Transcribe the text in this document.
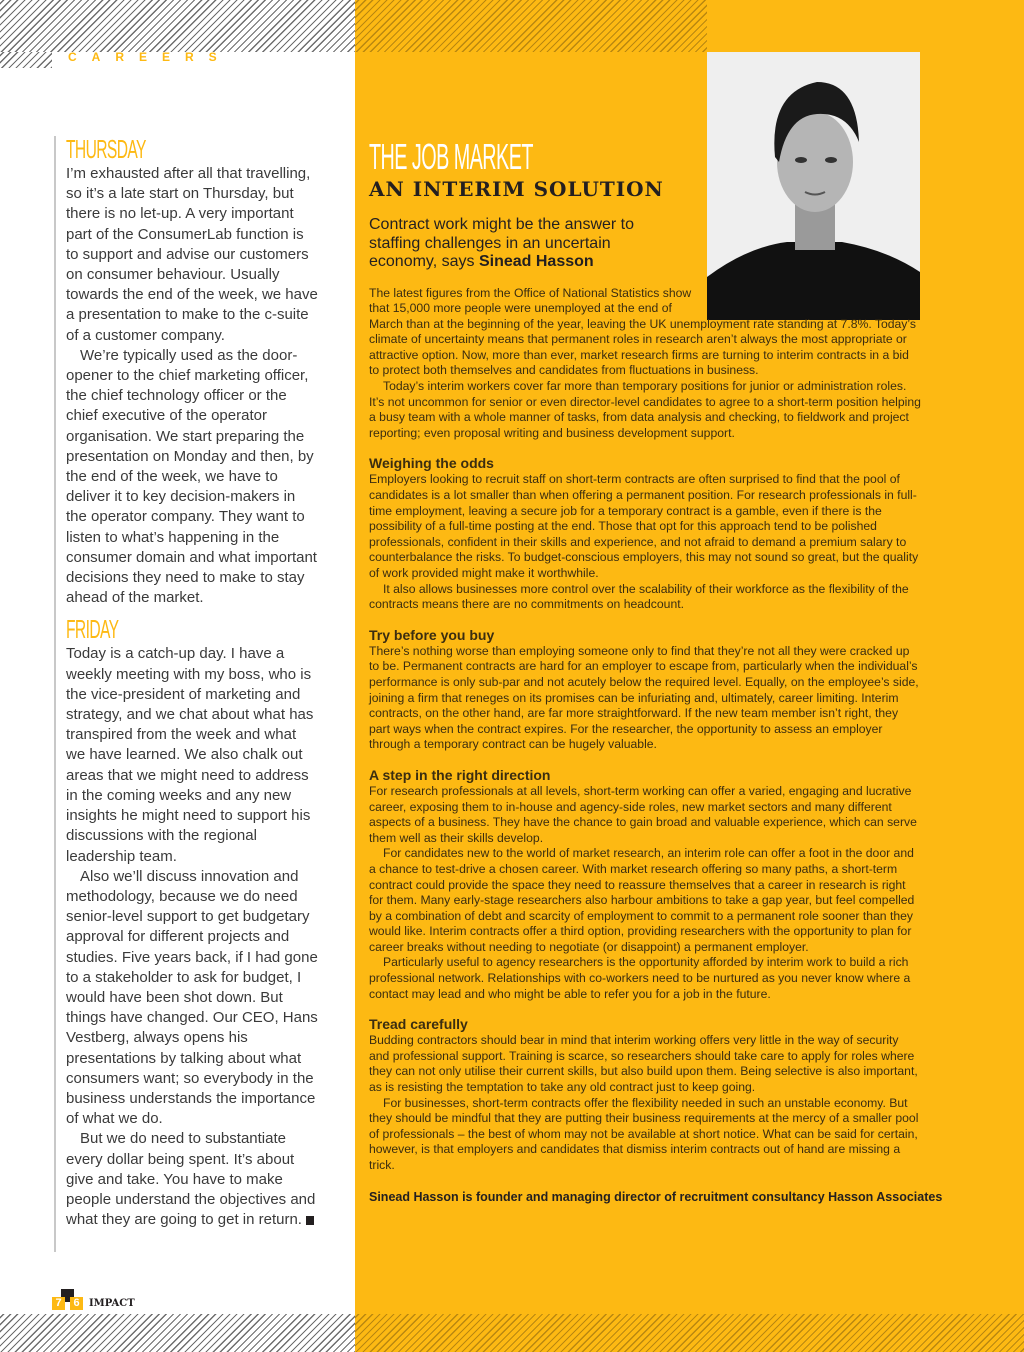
CAREERS
THURSDAY

I’m exhausted after all that travelling, so it’s a late start on Thursday, but there is no let-up. A very important part of the ConsumerLab function is to support and advise our customers on consumer behaviour. Usually towards the end of the week, we have a presentation to make to the c-suite of a customer company.

We’re typically used as the door-opener to the chief marketing officer, the chief technology officer or the chief executive of the operator organisation. We start preparing the presentation on Monday and then, by the end of the week, we have to deliver it to key decision-makers in the operator company. They want to listen to what’s happening in the consumer domain and what important decisions they need to make to stay ahead of the market.

FRIDAY

Today is a catch-up day. I have a weekly meeting with my boss, who is the vice-president of marketing and strategy, and we chat about what has transpired from the week and what we have learned. We also chalk out areas that we might need to address in the coming weeks and any new insights he might need to support his discussions with the regional leadership team.

Also we’ll discuss innovation and methodology, because we do need senior-level support to get budgetary approval for different projects and studies. Five years back, if I had gone to a stakeholder to ask for budget, I would have been shot down. But things have changed. Our CEO, Hans Vestberg, always opens his presentations by talking about what consumers want; so everybody in the business understands the importance of what we do.

But we do need to substantiate every dollar being spent. It’s about give and take. You have to make people understand the objectives and what they are going to get in return.

THE JOB MARKET
AN INTERIM SOLUTION

Contract work might be the answer to staffing challenges in an uncertain economy, says Sinead Hasson

The latest figures from the Office of National Statistics show that 15,000 more people were unemployed at the end of March than at the beginning of the year, leaving the UK unemployment rate standing at 7.8%. Today’s climate of uncertainty means that permanent roles in research aren’t always the most appropriate or attractive option. Now, more than ever, market research firms are turning to interim contracts in a bid to protect both themselves and candidates from fluctuations in business.

Today’s interim workers cover far more than temporary positions for junior or administration roles. It’s not uncommon for senior or even director-level candidates to agree to a short-term position helping a busy team with a whole manner of tasks, from data analysis and checking, to fieldwork and project reporting; even proposal writing and business development support.

Weighing the odds

Employers looking to recruit staff on short-term contracts are often surprised to find that the pool of candidates is a lot smaller than when offering a permanent position. For research professionals in full-time employment, leaving a secure job for a temporary contract is a gamble, even if there is the possibility of a full-time posting at the end. Those that opt for this approach tend to be polished professionals, confident in their skills and experience, and not afraid to demand a premium salary to counterbalance the risks. To budget-conscious employers, this may not sound so great, but the quality of work provided might make it worthwhile.

It also allows businesses more control over the scalability of their workforce as the flexibility of the contracts means there are no commitments on headcount.

Try before you buy

There’s nothing worse than employing someone only to find that they’re not all they were cracked up to be. Permanent contracts are hard for an employer to escape from, particularly when the individual’s performance is only sub-par and not acutely below the required level. Equally, on the employee’s side, joining a firm that reneges on its promises can be infuriating and, ultimately, career limiting. Interim contracts, on the other hand, are far more straightforward. If the new team member isn’t right, they part ways when the contract expires. For the researcher, the opportunity to assess an employer through a temporary contract can be hugely valuable.

A step in the right direction

For research professionals at all levels, short-term working can offer a varied, engaging and lucrative career, exposing them to in-house and agency-side roles, new market sectors and many different aspects of a business. They have the chance to gain broad and valuable experience, which can serve them well as their skills develop.

For candidates new to the world of market research, an interim role can offer a foot in the door and a chance to test-drive a chosen career. With market research offering so many paths, a short-term contract could provide the space they need to reassure themselves that a career in research is right for them. Many early-stage researchers also harbour ambitions to take a gap year, but feel compelled by a combination of debt and scarcity of employment to commit to a permanent role sooner than they would like. Interim contracts offer a third option, providing researchers with the opportunity to plan for career breaks without needing to negotiate (or disappoint) a permanent employer.

Particularly useful to agency researchers is the opportunity afforded by interim work to build a rich professional network. Relationships with co-workers need to be nurtured as you never know where a contact may lead and who might be able to refer you for a job in the future.

Tread carefully

Budding contractors should bear in mind that interim working offers very little in the way of security and professional support. Training is scarce, so researchers should take care to apply for roles where they can not only utilise their current skills, but also build upon them. Being selective is also important, as is resisting the temptation to take any old contract just to keep going.

For businesses, short-term contracts offer the flexibility needed in such an unstable economy. But they should be mindful that they are putting their business requirements at the mercy of a smaller pool of professionals – the best of whom may not be available at short notice. What can be said for certain, however, is that employers and candidates that dismiss interim contracts out of hand are missing a trick.

Sinead Hasson is founder and managing director of recruitment consultancy Hasson Associates
7	6 IMPACT
